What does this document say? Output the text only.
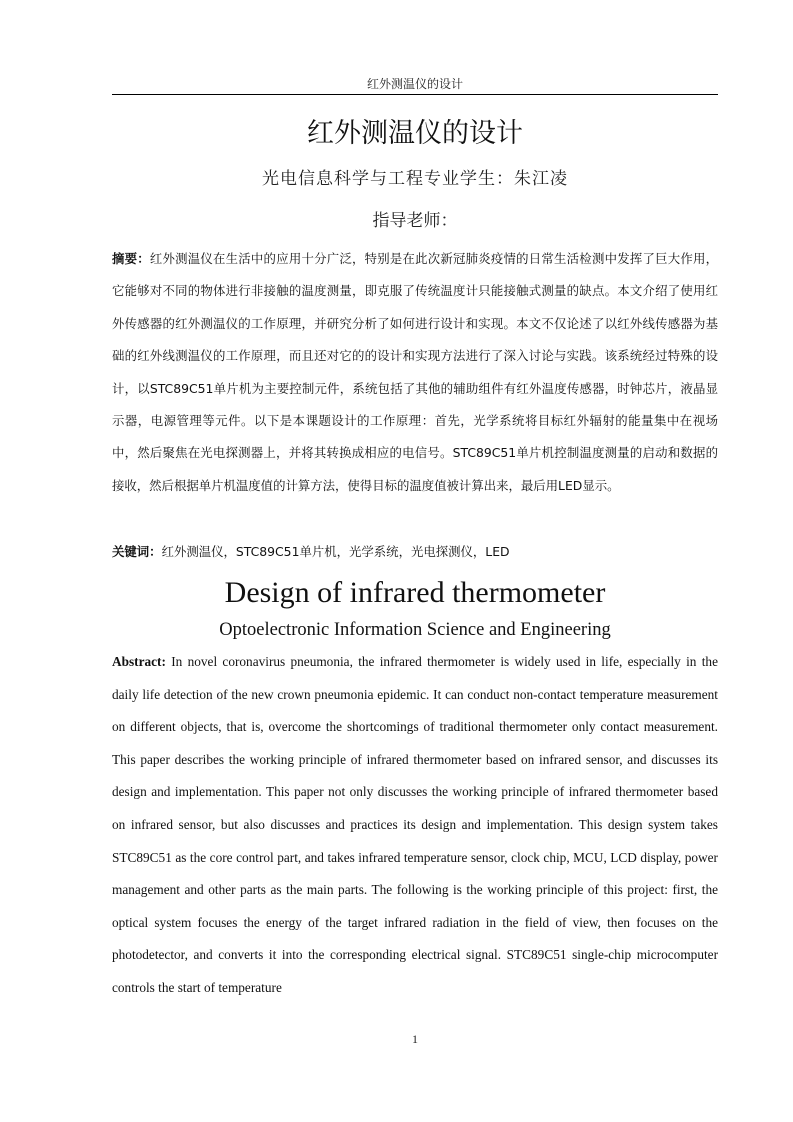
红外测温仪的设计
红外测温仪的设计
光电信息科学与工程专业学生：朱江凌
指导老师：

摘要：红外测温仪在生活中的应用十分广泛，特别是在此次新冠肺炎疫情的日常生活检测中发挥了巨大作用，它能够对不同的物体进行非接触的温度测量，即克服了传统温度计只能接触式测量的缺点。本文介绍了使用红外传感器的红外测温仪的工作原理，并研究分析了如何进行设计和实现。本文不仅论述了以红外线传感器为基础的红外线测温仪的工作原理，而且还对它的的设计和实现方法进行了深入讨论与实践。该系统经过特殊的设计，以STC89C51单片机为主要控制元件，系统包括了其他的辅助组件有红外温度传感器，时钟芯片，液晶显示器，电源管理等元件。以下是本课题设计的工作原理：首先，光学系统将目标红外辐射的能量集中在视场中，然后聚焦在光电探测器上，并将其转换成相应的电信号。STC89C51单片机控制温度测量的启动和数据的接收，然后根据单片机温度值的计算方法，使得目标的温度值被计算出来，最后用LED显示。

关键词：红外测温仪，STC89C51单片机，光学系统，光电探测仪，LED

Design of infrared thermometer
Optoelectronic Information Science and Engineering

Abstract: In novel coronavirus pneumonia, the infrared thermometer is widely used in life, especially in the daily life detection of the new crown pneumonia epidemic. It can conduct non-contact temperature measurement on different objects, that is, overcome the shortcomings of traditional thermometer only contact measurement. This paper describes the working principle of infrared thermometer based on infrared sensor, and discusses its design and implementation. This paper not only discusses the working principle of infrared thermometer based on infrared sensor, but also discusses and practices its design and implementation. This design system takes STC89C51 as the core control part, and takes infrared temperature sensor, clock chip, MCU, LCD display, power management and other parts as the main parts. The following is the working principle of this project: first, the optical system focuses the energy of the target infrared radiation in the field of view, then focuses on the photodetector, and converts it into the corresponding electrical signal. STC89C51 single-chip microcomputer controls the start of temperature

1
